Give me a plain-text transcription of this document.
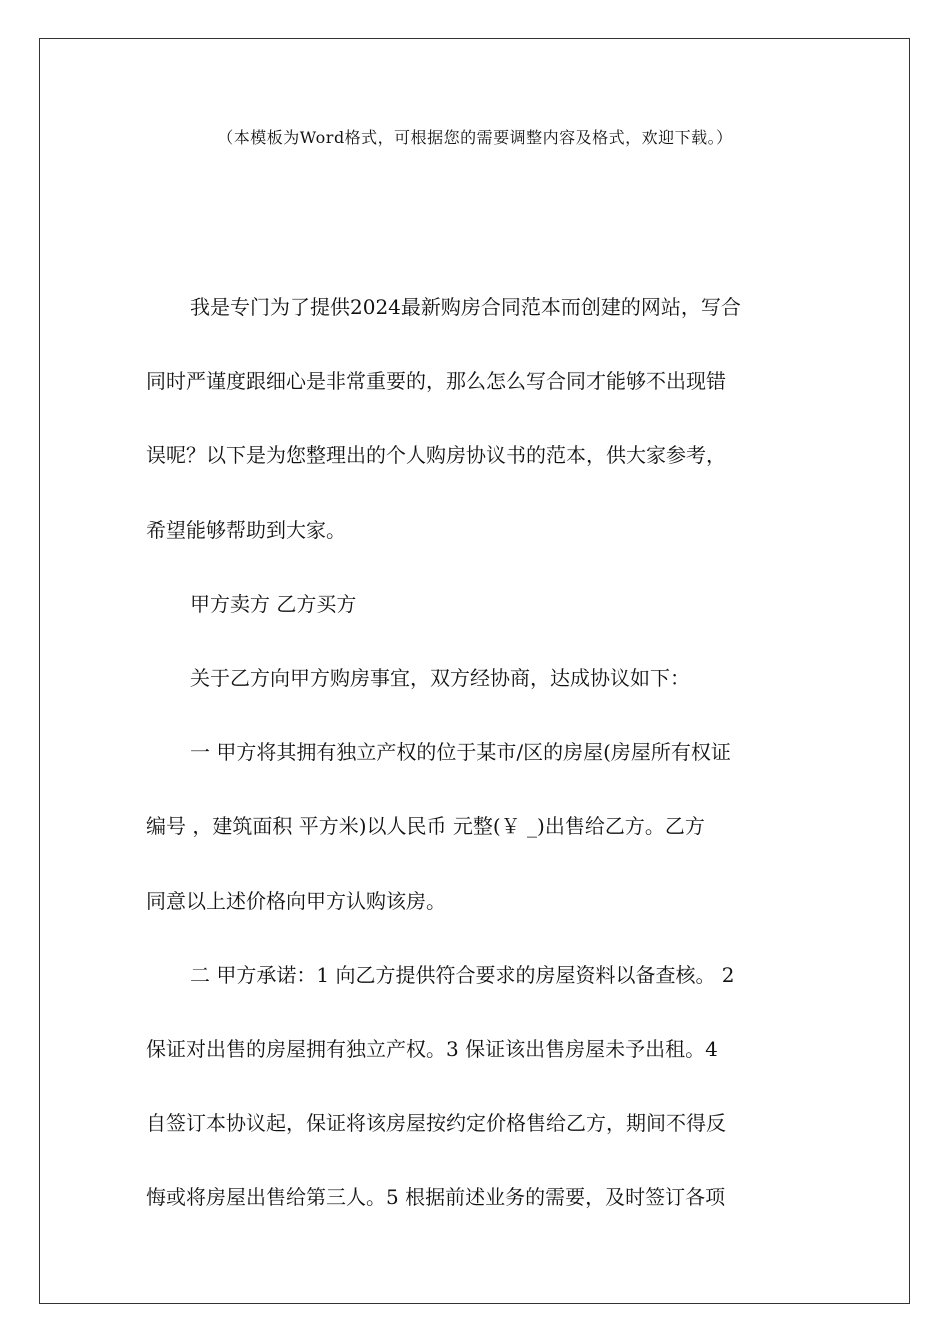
（本模板为Word格式，可根据您的需要调整内容及格式，欢迎下载。）
我是专门为了提供2024最新购房合同范本而创建的网站，写合
同时严谨度跟细心是非常重要的，那么怎么写合同才能够不出现错
误呢？以下是为您整理出的个人购房协议书的范本，供大家参考，
希望能够帮助到大家。
甲方卖方 乙方买方
关于乙方向甲方购房事宜，双方经协商，达成协议如下：
一 甲方将其拥有独立产权的位于某市/区的房屋(房屋所有权证
编号 ，建筑面积 平方米)以人民币 元整(￥ _)出售给乙方。乙方
同意以上述价格向甲方认购该房。
二 甲方承诺：1 向乙方提供符合要求的房屋资料以备查核。 2
保证对出售的房屋拥有独立产权。3 保证该出售房屋未予出租。4
自签订本协议起，保证将该房屋按约定价格售给乙方，期间不得反
悔或将房屋出售给第三人。5 根据前述业务的需要，及时签订各项
